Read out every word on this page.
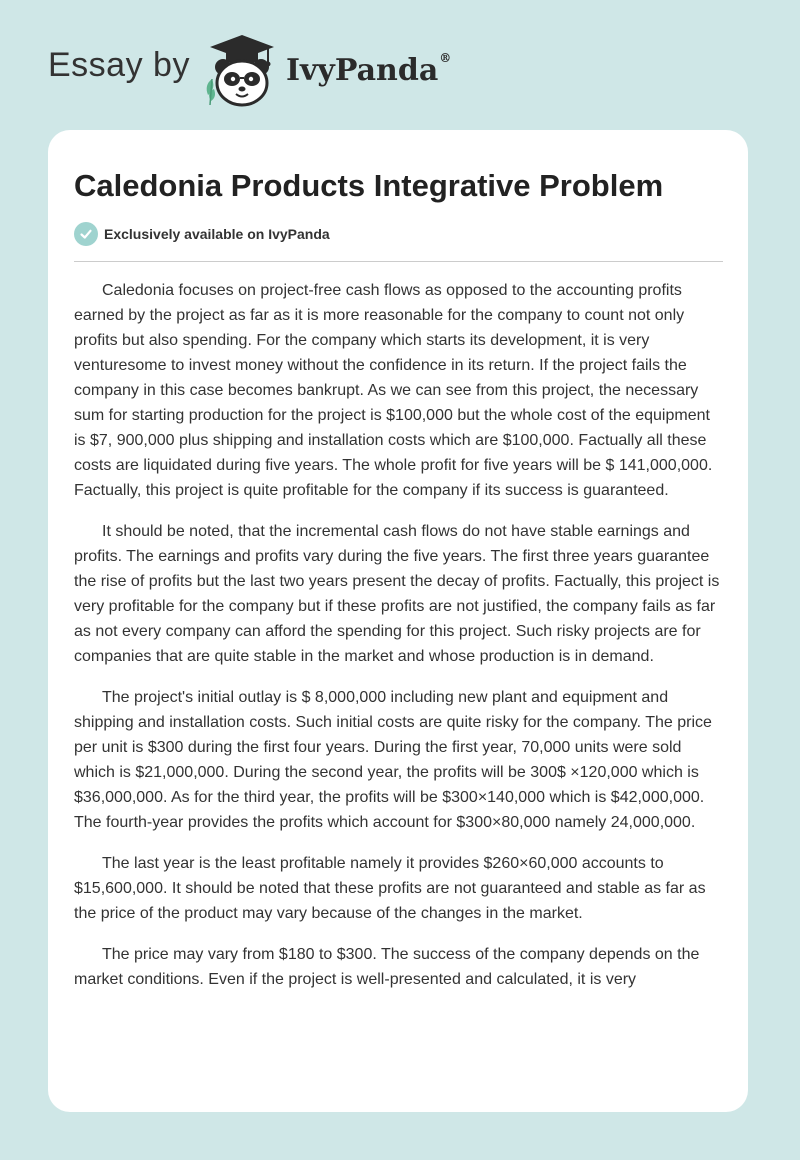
Essay by	IvyPanda®
Caledonia Products Integrative Problem
Exclusively available on IvyPanda

Caledonia focuses on project-free cash flows as opposed to the accounting profits earned by the project as far as it is more reasonable for the company to count not only profits but also spending. For the company which starts its development, it is very venturesome to invest money without the confidence in its return. If the project fails the company in this case becomes bankrupt. As we can see from this project, the necessary sum for starting production for the project is $100,000 but the whole cost of the equipment is $7, 900,000 plus shipping and installation costs which are $100,000. Factually all these costs are liquidated during five years. The whole profit for five years will be $ 141,000,000. Factually, this project is quite profitable for the company if its success is guaranteed.

It should be noted, that the incremental cash flows do not have stable earnings and profits. The earnings and profits vary during the five years. The first three years guarantee the rise of profits but the last two years present the decay of profits. Factually, this project is very profitable for the company but if these profits are not justified, the company fails as far as not every company can afford the spending for this project. Such risky projects are for companies that are quite stable in the market and whose production is in demand.

The project's initial outlay is $ 8,000,000 including new plant and equipment and shipping and installation costs. Such initial costs are quite risky for the company. The price per unit is $300 during the first four years. During the first year, 70,000 units were sold which is $21,000,000. During the second year, the profits will be 300$ ×120,000 which is $36,000,000. As for the third year, the profits will be $300×140,000 which is $42,000,000. The fourth-year provides the profits which account for $300×80,000 namely 24,000,000.

The last year is the least profitable namely it provides $260×60,000 accounts to $15,600,000. It should be noted that these profits are not guaranteed and stable as far as the price of the product may vary because of the changes in the market.

The price may vary from $180 to $300. The success of the company depends on the market conditions. Even if the project is well-presented and calculated, it is very
